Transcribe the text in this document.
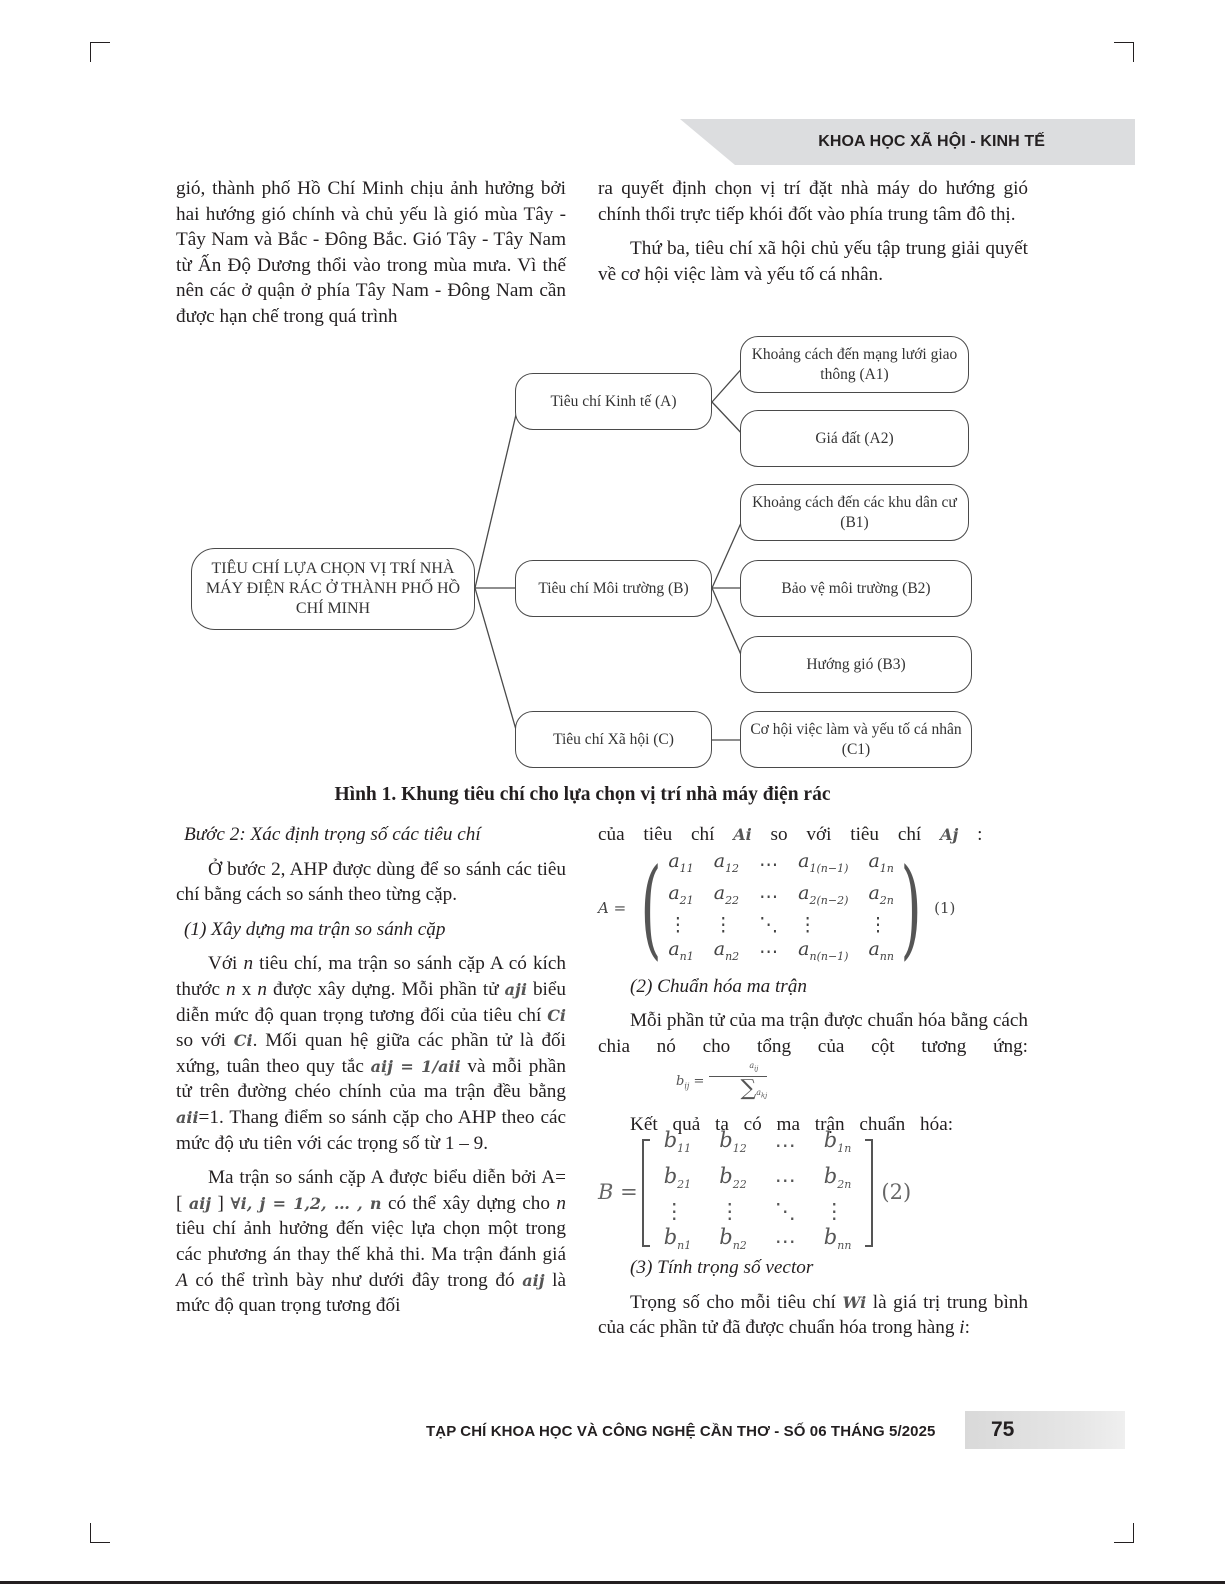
KHOA HỌC XÃ HỘI - KINH TẾ

gió, thành phố Hồ Chí Minh chịu ảnh hưởng bởi hai hướng gió chính và chủ yếu là gió mùa Tây - Tây Nam và Bắc - Đông Bắc. Gió Tây - Tây Nam từ Ấn Độ Dương thổi vào trong mùa mưa. Vì thế nên các ở quận ở phía Tây Nam - Đông Nam cần được hạn chế trong quá trình

ra quyết định chọn vị trí đặt nhà máy do hướng gió chính thổi trực tiếp khói đốt vào phía trung tâm đô thị.

Thứ ba, tiêu chí xã hội chủ yếu tập trung giải quyết về cơ hội việc làm và yếu tố cá nhân.

TIÊU CHÍ LỰA CHỌN VỊ TRÍ NHÀ MÁY ĐIỆN RÁC Ở THÀNH PHỐ HỒ CHÍ MINH
Tiêu chí Kinh tế (A)
Tiêu chí Môi trường (B)
Tiêu chí Xã hội (C)
Khoảng cách đến mạng lưới giao thông (A1)
Giá đất (A2)
Khoảng cách đến các khu dân cư (B1)
Bảo vệ môi trường (B2)
Hướng gió (B3)
Cơ hội việc làm và yếu tố cá nhân (C1)
Hình 1. Khung tiêu chí cho lựa chọn vị trí nhà máy điện rác

Bước 2: Xác định trọng số các tiêu chí

Ở bước 2, AHP được dùng để so sánh các tiêu chí bằng cách so sánh theo từng cặp.

(1) Xây dựng ma trận so sánh cặp

Với n tiêu chí, ma trận so sánh cặp A có kích thước n x n được xây dựng. Mỗi phần tử aji biểu diễn mức độ quan trọng tương đối của tiêu chí Ci so với Ci. Mối quan hệ giữa các phần tử là đối xứng, tuân theo quy tắc aij = 1/aii và mỗi phần tử trên đường chéo chính của ma trận đều bằng aii=1. Thang điểm so sánh cặp cho AHP theo các mức độ ưu tiên với các trọng số từ 1 – 9.

Ma trận so sánh cặp A được biểu diễn bởi A= [ aij ] ∀i, j = 1,2, … , n có thể xây dựng cho n tiêu chí ảnh hưởng đến việc lựa chọn một trong các phương án thay thế khả thi. Ma trận đánh giá A có thể trình bày như dưới đây trong đó aij là mức độ quan trọng tương đối

của tiêu chí Ai so với tiêu chí Aj :

A = ( $a_{11}$	$a_{12}$	⋯	$a_{1(n-1)}$	$a_{1n}$
$a_{21}$	$a_{22}$	⋯	$a_{2(n-2)}$	$a_{2n}$
⋮	⋮	⋱	⋮	⋮
$a_{n1}$	$a_{n2}$	⋯	$a_{n(n-1)}$	$a_{nn}$ ) (1)

(2) Chuẩn hóa ma trận

Mỗi phần tử của ma trận được chuẩn hóa bằng cách chia nó cho tổng của cột tương ứng: $b_{ij}$ =
$a_{ij}$
$\sum a_{kj}$

Kết quả ta có ma trận chuẩn hóa:

B =
$b_{11}$	$b_{12}$	⋯	$b_{1n}$
$b_{21}$	$b_{22}$	⋯	$b_{2n}$
⋮	⋮	⋱	⋮
$b_{n1}$	$b_{n2}$	⋯	$b_{nn}$
(2)

(3) Tính trọng số vector

Trọng số cho mỗi tiêu chí Wi là giá trị trung bình của các phần tử đã được chuẩn hóa trong hàng i:

TẠP CHÍ KHOA HỌC VÀ CÔNG NGHỆ CẦN THƠ - SỐ 06 THÁNG 5/2025	75
